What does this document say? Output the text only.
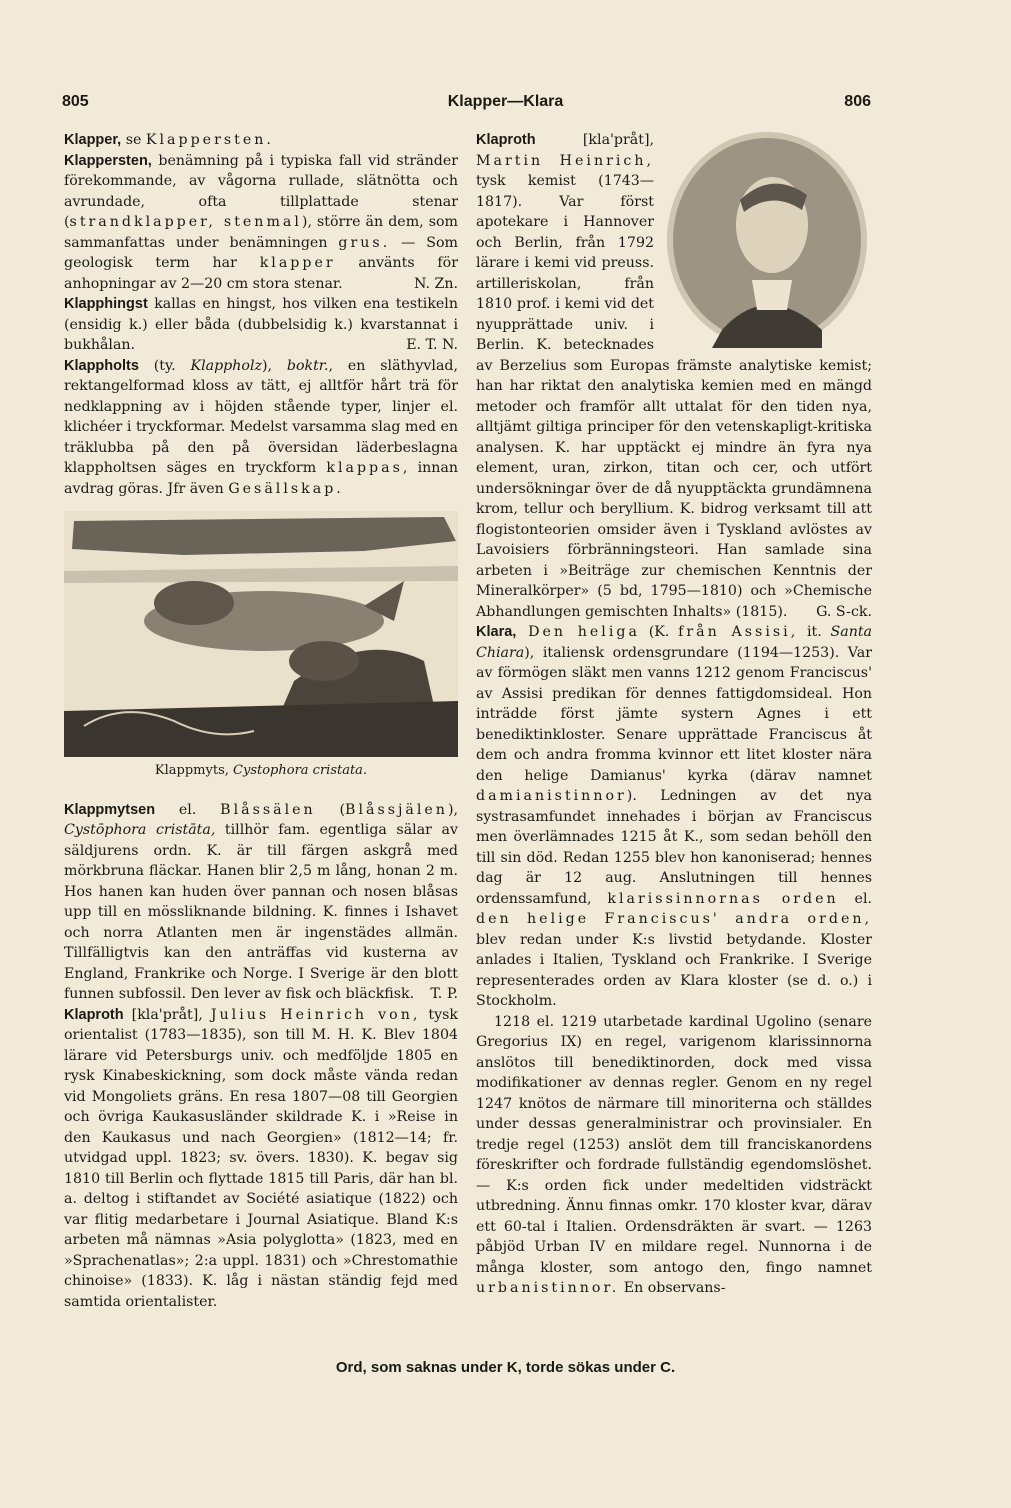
805	Klapper—Klara	806

Klapper, se Klappersten.

Klappersten, benämning på i typiska fall vid stränder förekommande, av vågorna rullade, slätnötta och avrundade, ofta tillplattade stenar (strandklapper, stenmal), större än dem, som sammanfattas under benämningen grus. — Som geologisk term har klapper använts för anhopningar av 2—20 cm stora stenar.	N. Zn.

Klapphingst kallas en hingst, hos vilken ena testikeln (ensidig k.) eller båda (dubbelsidig k.) kvarstannat i bukhålan.	E. T. N.

Klappholts (ty. Klappholz), boktr., en släthyvlad, rektangelformad kloss av tätt, ej alltför hårt trä för nedklappning av i höjden stående typer, linjer el. klichéer i tryckformar. Medelst varsamma slag med en träklubba på den på översidan läderbeslagna klappholtsen säges en tryckform klappas, innan avdrag göras. Jfr även Gesällskap.

Klappmyts, Cystophora cristata.

Klappmytsen el. Blåssälen (Blåssjälen), Cystōphora cristāta, tillhör fam. egentliga sälar av säldjurens ordn. K. är till färgen askgrå med mörkbruna fläckar. Hanen blir 2,5 m lång, honan 2 m. Hos hanen kan huden över pannan och nosen blåsas upp till en mössliknande bildning. K. finnes i Ishavet och norra Atlanten men är ingenstädes allmän. Tillfälligtvis kan den anträffas vid kusterna av England, Frankrike och Norge. I Sverige är den blott funnen subfossil. Den lever av fisk och bläckfisk. T. P.

Klaproth [kla'pråt], Julius Heinrich von, tysk orientalist (1783—1835), son till M. H. K. Blev 1804 lärare vid Petersburgs univ. och medföljde 1805 en rysk Kinabeskickning, som dock måste vända redan vid Mongoliets gräns. En resa 1807—08 till Georgien och övriga Kaukasusländer skildrade K. i »Reise in den Kaukasus und nach Georgien» (1812—14; fr. utvidgad uppl. 1823; sv. övers. 1830). K. begav sig 1810 till Berlin och flyttade 1815 till Paris, där han bl. a. deltog i stiftandet av Société asiatique (1822) och var flitig medarbetare i Journal Asiatique. Bland K:s arbeten må nämnas »Asia polyglotta» (1823, med en »Sprachenatlas»; 2:a uppl. 1831) och »Chrestomathie chinoise» (1833). K. låg i nästan ständig fejd med samtida orientalister.

Klaproth [kla'pråt], Martin Heinrich, tysk kemist (1743—1817). Var först apotekare i Hannover och Berlin, från 1792 lärare i kemi vid preuss. artilleriskolan, från 1810 prof. i kemi vid det nyupprättade univ. i Berlin. K. betecknades av Berzelius som Europas främste analytiske kemist; han har riktat den analytiska kemien med en mängd metoder och framför allt uttalat för den tiden nya, alltjämt giltiga principer för den vetenskapligt-kritiska analysen. K. har upptäckt ej mindre än fyra nya element, uran, zirkon, titan och cer, och utfört undersökningar över de då nyupptäckta grundämnena krom, tellur och beryllium. K. bidrog verksamt till att flogistonteorien omsider även i Tyskland avlöstes av Lavoisiers förbränningsteori. Han samlade sina arbeten i »Beiträge zur chemischen Kenntnis der Mineralkörper» (5 bd, 1795—1810) och »Chemische Abhandlungen gemischten Inhalts» (1815). G. S-ck.

Klara, Den heliga (K. från Assisi, it. Santa Chiara), italiensk ordensgrundare (1194—1253). Var av förmögen släkt men vanns 1212 genom Franciscus' av Assisi predikan för dennes fattigdomsideal. Hon inträdde först jämte systern Agnes i ett benediktinkloster. Senare upprättade Franciscus åt dem och andra fromma kvinnor ett litet kloster nära den helige Damianus' kyrka (därav namnet damianistinnor). Ledningen av det nya systrasamfundet innehades i början av Franciscus men överlämnades 1215 åt K., som sedan behöll den till sin död. Redan 1255 blev hon kanoniserad; hennes dag är 12 aug. Anslutningen till hennes ordenssamfund, klarissinnornas orden el. den helige Franciscus' andra orden, blev redan under K:s livstid betydande. Kloster anlades i Italien, Tyskland och Frankrike. I Sverige representerades orden av Klara kloster (se d. o.) i Stockholm.

1218 el. 1219 utarbetade kardinal Ugolino (senare Gregorius IX) en regel, varigenom klarissinnorna anslötos till benediktinorden, dock med vissa modifikationer av dennas regler. Genom en ny regel 1247 knötos de närmare till minoriterna och ställdes under dessas generalministrar och provinsialer. En tredje regel (1253) anslöt dem till franciskanordens föreskrifter och fordrade fullständig egendomslöshet. — K:s orden fick under medeltiden vidsträckt utbredning. Ännu finnas omkr. 170 kloster kvar, därav ett 60-tal i Italien. Ordensdräkten är svart. — 1263 påbjöd Urban IV en mildare regel. Nunnorna i de många kloster, som antogo den, fingo namnet urbanistinnor. En observans-

Ord, som saknas under K, torde sökas under C.
